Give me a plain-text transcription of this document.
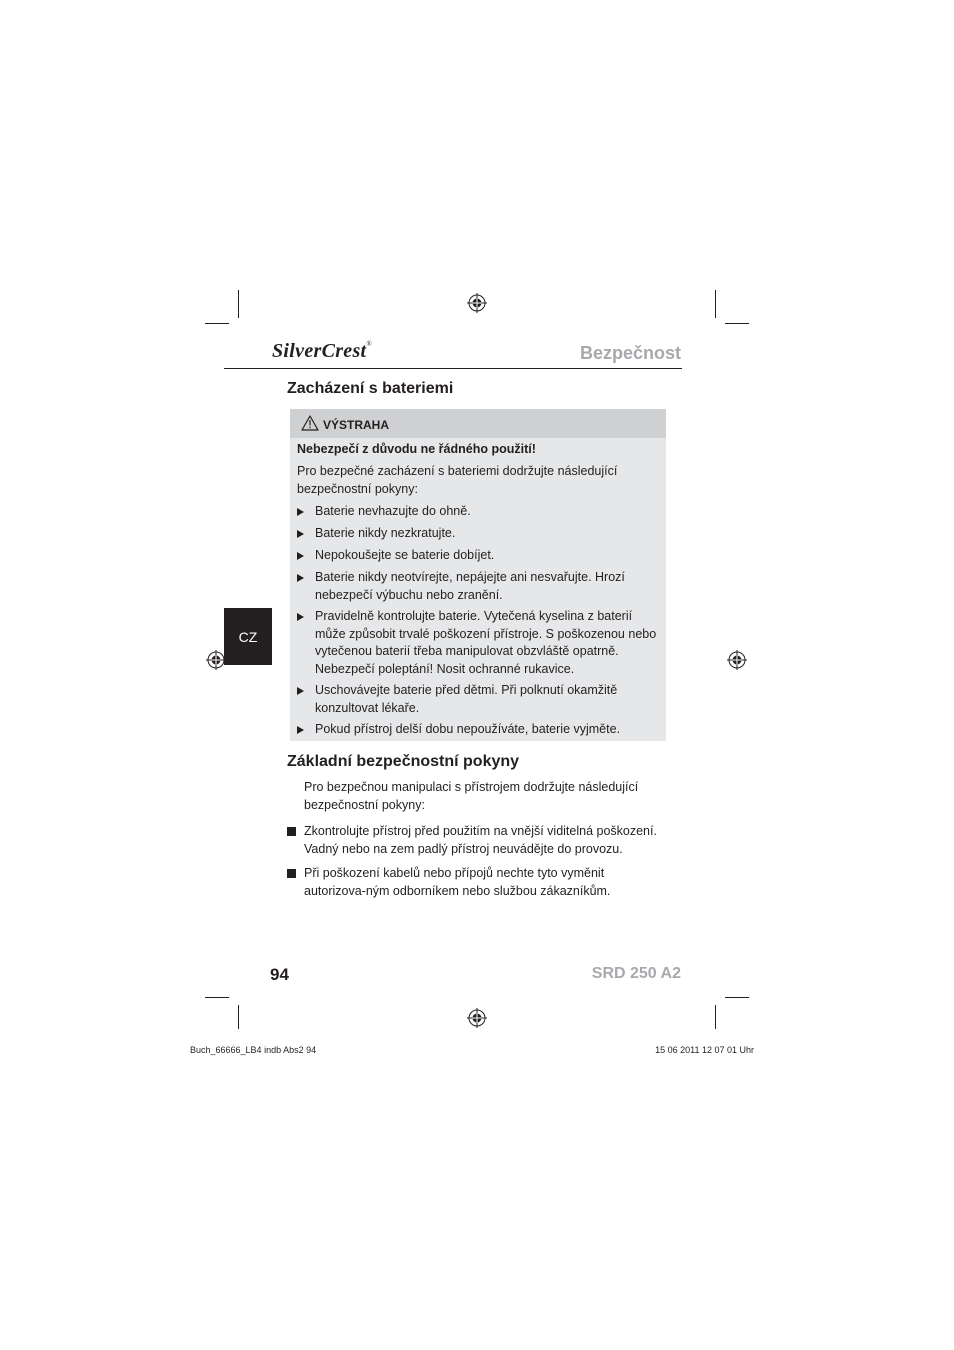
SilverCrest®	Bezpečnost
Zacházení s bateriemi
VÝSTRAHA
Nebezpečí z důvodu ne řádného použití!
Pro bezpečné zacházení s bateriemi dodržujte následující bezpečnostní pokyny:
Baterie nevhazujte do ohně.
Baterie nikdy nezkratujte.
Nepokoušejte se baterie dobíjet.
Baterie nikdy neotvírejte, nepájejte ani nesvařujte. Hrozí nebezpečí výbuchu nebo zranění.
Pravidelně kontrolujte baterie. Vytečená kyselina z baterií může způsobit trvalé poškození přístroje. S poškozenou nebo vytečenou baterií třeba manipulovat obzvláště opatrně. Nebezpečí poleptání! Nosit ochranné rukavice.
Uschovávejte baterie před dětmi. Při polknutí okamžitě konzultovat lékaře.
Pokud přístroj delší dobu nepoužíváte, baterie vyjměte.
CZ
Základní bezpečnostní pokyny
Pro bezpečnou manipulaci s přístrojem dodržujte následující bezpečnostní pokyny:
Zkontrolujte přístroj před použitím na vnější viditelná poškození. Vadný nebo na zem padlý přístroj neuvádějte do provozu.
Při poškození kabelů nebo přípojů nechte tyto vyměnit autorizova-ným odborníkem nebo službou zákazníkům.
94	SRD 250 A2
Buch_66666_LB4 indb Abs2 94	15 06 2011 12 07 01 Uhr
